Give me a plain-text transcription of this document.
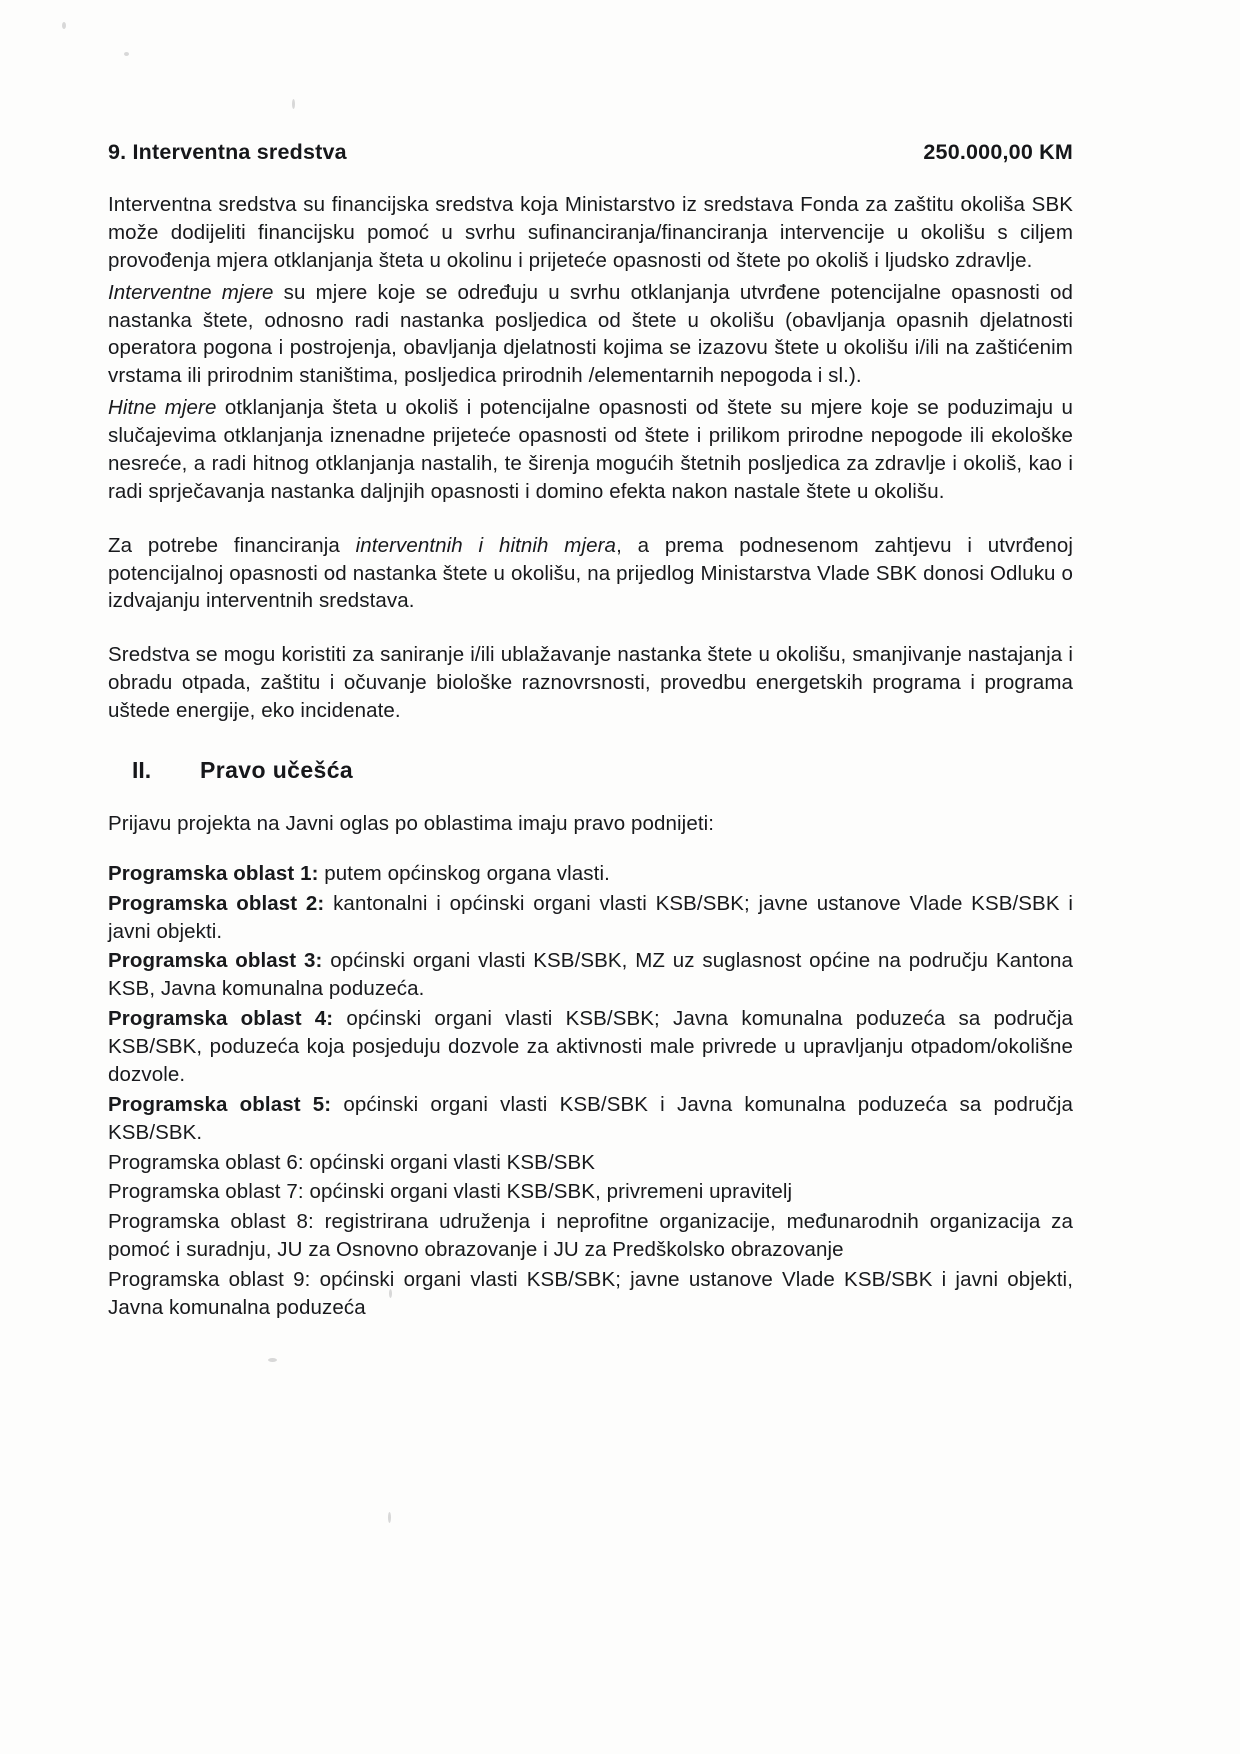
9. Interventna sredstva	250.000,00 KM

Interventna sredstva su financijska sredstva koja Ministarstvo iz sredstava Fonda za zaštitu okoliša SBK može dodijeliti financijsku pomoć u svrhu sufinanciranja/financiranja intervencije u okolišu s ciljem provođenja mjera otklanjanja šteta u okolinu i prijeteće opasnosti od štete po okoliš i ljudsko zdravlje.

Interventne mjere su mjere koje se određuju u svrhu otklanjanja utvrđene potencijalne opasnosti od nastanka štete, odnosno radi nastanka posljedica od štete u okolišu (obavljanja opasnih djelatnosti operatora pogona i postrojenja, obavljanja djelatnosti kojima se izazovu štete u okolišu i/ili na zaštićenim vrstama ili prirodnim staništima, posljedica prirodnih /elementarnih nepogoda i sl.).

Hitne mjere otklanjanja šteta u okoliš i potencijalne opasnosti od štete su mjere koje se poduzimaju u slučajevima otklanjanja iznenadne prijeteće opasnosti od štete i prilikom prirodne nepogode ili ekološke nesreće, a radi hitnog otklanjanja nastalih, te širenja mogućih štetnih posljedica za zdravlje i okoliš, kao i radi sprječavanja nastanka daljnjih opasnosti i domino efekta nakon nastale štete u okolišu.

Za potrebe financiranja interventnih i hitnih mjera, a prema podnesenom zahtjevu i utvrđenoj potencijalnoj opasnosti od nastanka štete u okolišu, na prijedlog Ministarstva Vlade SBK donosi Odluku o izdvajanju interventnih sredstava.

Sredstva se mogu koristiti za saniranje i/ili ublažavanje nastanka štete u okolišu, smanjivanje nastajanja i obradu otpada, zaštitu i očuvanje biološke raznovrsnosti, provedbu energetskih programa i programa uštede energije, eko incidenate.

II.	Pravo učešća

Prijavu projekta na Javni oglas po oblastima imaju pravo podnijeti:

Programska oblast 1: putem općinskog organa vlasti.

Programska oblast 2: kantonalni i općinski organi vlasti KSB/SBK; javne ustanove Vlade KSB/SBK i javni objekti.

Programska oblast 3: općinski organi vlasti KSB/SBK, MZ uz suglasnost općine na području Kantona KSB, Javna komunalna poduzeća.

Programska oblast 4: općinski organi vlasti KSB/SBK; Javna komunalna poduzeća sa područja KSB/SBK, poduzeća koja posjeduju dozvole za aktivnosti male privrede u upravljanju otpadom/okolišne dozvole.

Programska oblast 5: općinski organi vlasti KSB/SBK i Javna komunalna poduzeća sa područja KSB/SBK.

Programska oblast 6: općinski organi vlasti KSB/SBK

Programska oblast 7: općinski organi vlasti KSB/SBK, privremeni upravitelj

Programska oblast 8: registrirana udruženja i neprofitne organizacije, međunarodnih organizacija za pomoć i suradnju, JU za Osnovno obrazovanje i JU za Predškolsko obrazovanje

Programska oblast 9: općinski organi vlasti KSB/SBK; javne ustanove Vlade KSB/SBK i javni objekti, Javna komunalna poduzeća
